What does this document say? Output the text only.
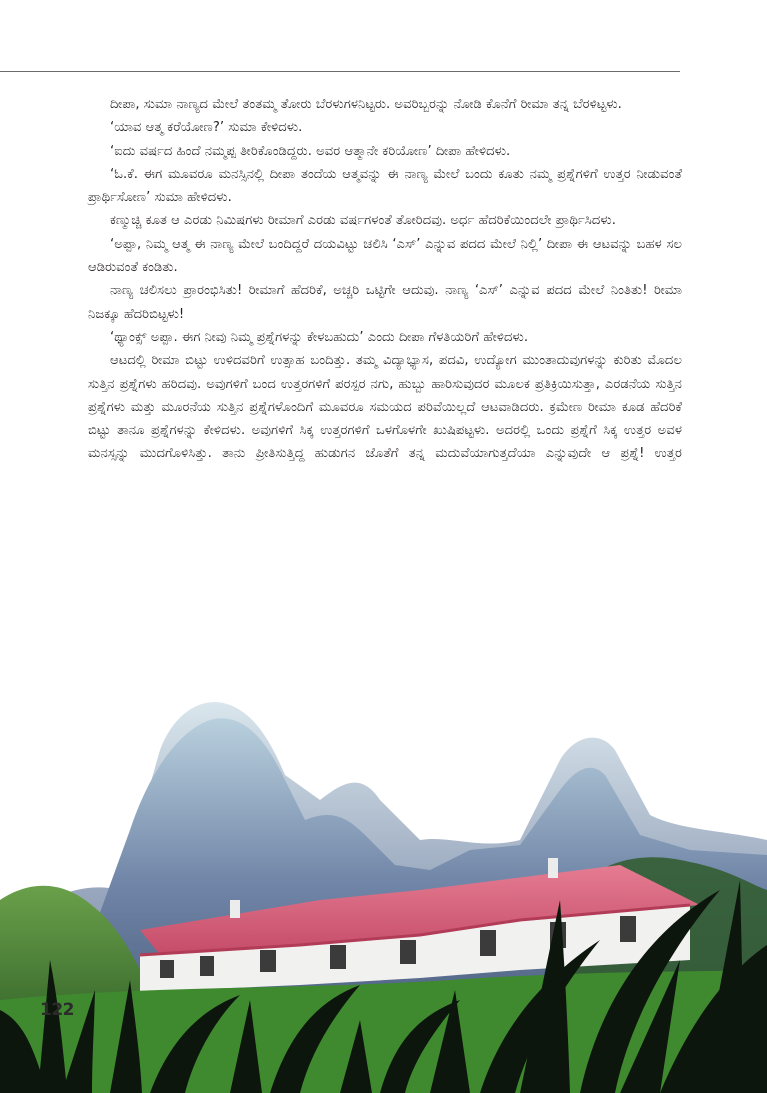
ದೀಪಾ, ಸುಮಾ ನಾಣ್ಯದ ಮೇಲೆ ತಂತಮ್ಮ ತೋರು ಬೆರಳುಗಳನಿಟ್ಟರು. ಅವರಿಬ್ಬರನ್ನು ನೋಡಿ ಕೊನೆಗೆ ರೀಮಾ ತನ್ನ ಬೆರಳಿಟ್ಟಳು.

‘ಯಾವ ಆತ್ಮ ಕರೆಯೋಣ?’ ಸುಮಾ ಕೇಳಿದಳು.

‘ಐದು ವರ್ಷದ ಹಿಂದೆ ನಮ್ಮಪ್ಪ ತೀರಿಕೊಂಡಿದ್ದರು. ಅವರ ಆತ್ಮಾನೇ ಕರಿಯೋಣ’ ದೀಪಾ ಹೇಳಿದಳು.

‘ಓ.ಕೆ. ಈಗ ಮೂವರೂ ಮನಸ್ಸಿನಲ್ಲಿ ದೀಪಾ ತಂದೆಯ ಆತ್ಮವನ್ನು ಈ ನಾಣ್ಯ ಮೇಲೆ ಬಂದು ಕೂತು ನಮ್ಮ ಪ್ರಶ್ನೆಗಳಿಗೆ ಉತ್ತರ ನೀಡುವಂತೆ ಪ್ರಾರ್ಥಿಸೋಣ’ ಸುಮಾ ಹೇಳಿದಳು.

ಕಣ್ಮುಚ್ಚಿ ಕೂತ ಆ ಎರಡು ನಿಮಿಷಗಳು ರೀಮಾಗೆ ಎರಡು ವರ್ಷಗಳಂತೆ ತೋರಿದವು. ಅರ್ಧ ಹೆದರಿಕೆಯಿಂದಲೇ ಪ್ರಾರ್ಥಿಸಿದಳು.

‘ಅಪ್ಪಾ, ನಿಮ್ಮ ಆತ್ಮ ಈ ನಾಣ್ಯ ಮೇಲೆ ಬಂದಿದ್ದರೆ ದಯವಿಟ್ಟು ಚಲಿಸಿ ‘ಎಸ್’ ಎನ್ನುವ ಪದದ ಮೇಲೆ ನಿಲ್ಲಿ’ ದೀಪಾ ಈ ಆಟವನ್ನು ಬಹಳ ಸಲ ಆಡಿರುವಂತೆ ಕಂಡಿತು.

ನಾಣ್ಯ ಚಲಿಸಲು ಪ್ರಾರಂಭಿಸಿತು! ರೀಮಾಗೆ ಹೆದರಿಕೆ, ಅಚ್ಚರಿ ಒಟ್ಟಿಗೇ ಆದುವು. ನಾಣ್ಯ ‘ಎಸ್’ ಎನ್ನುವ ಪದದ ಮೇಲೆ ನಿಂತಿತು! ರೀಮಾ ನಿಜಕ್ಕೂ ಹೆದರಿಬಿಟ್ಟಳು!

‘ಥ್ಯಾಂಕ್ಸ್ ಅಪ್ಪಾ. ಈಗ ನೀವು ನಿಮ್ಮ ಪ್ರಶ್ನೆಗಳನ್ನು ಕೇಳಬಹುದು’ ಎಂದು ದೀಪಾ ಗೆಳತಿಯರಿಗೆ ಹೇಳಿದಳು.

ಆಟದಲ್ಲಿ ರೀಮಾ ಬಿಟ್ಟು ಉಳಿದವರಿಗೆ ಉತ್ಸಾಹ ಬಂದಿತ್ತು. ತಮ್ಮ ವಿದ್ಯಾಭ್ಯಾಸ, ಪದವಿ, ಉದ್ಯೋಗ ಮುಂತಾದುವುಗಳನ್ನು ಕುರಿತು ಮೊದಲ ಸುತ್ತಿನ ಪ್ರಶ್ನೆಗಳು ಹರಿದವು. ಅವುಗಳಿಗೆ ಬಂದ ಉತ್ತರಗಳಿಗೆ ಪರಸ್ಪರ ನಗು, ಹುಬ್ಬು ಹಾರಿಸುವುದರ ಮೂಲಕ ಪ್ರತಿಕ್ರಿಯಿಸುತ್ತಾ, ಎರಡನೆಯ ಸುತ್ತಿನ ಪ್ರಶ್ನೆಗಳು ಮತ್ತು ಮೂರನೆಯ ಸುತ್ತಿನ ಪ್ರಶ್ನೆಗಳೊಂದಿಗೆ ಮೂವರೂ ಸಮಯದ ಪರಿವೆಯಿಲ್ಲದೆ ಆಟವಾಡಿದರು. ಕ್ರಮೇಣ ರೀಮಾ ಕೂಡ ಹೆದರಿಕೆ ಬಿಟ್ಟು ತಾನೂ ಪ್ರಶ್ನೆಗಳನ್ನು ಕೇಳಿದಳು. ಅವುಗಳಿಗೆ ಸಿಕ್ಕ ಉತ್ತರಗಳಿಗೆ ಒಳಗೊಳಗೇ ಖುಷಿಪಟ್ಟಳು. ಅದರಲ್ಲಿ ಒಂದು ಪ್ರಶ್ನೆಗೆ ಸಿಕ್ಕ ಉತ್ತರ ಅವಳ ಮನಸ್ಸನ್ನು ಮುದಗೊಳಿಸಿತ್ತು. ತಾನು ಪ್ರೀತಿಸುತ್ತಿದ್ದ ಹುಡುಗನ ಜೊತೆಗೆ ತನ್ನ ಮದುವೆಯಾಗುತ್ತದೆಯಾ ಎನ್ನುವುದೇ ಆ ಪ್ರಶ್ನೆ! ಉತ್ತರ

122
